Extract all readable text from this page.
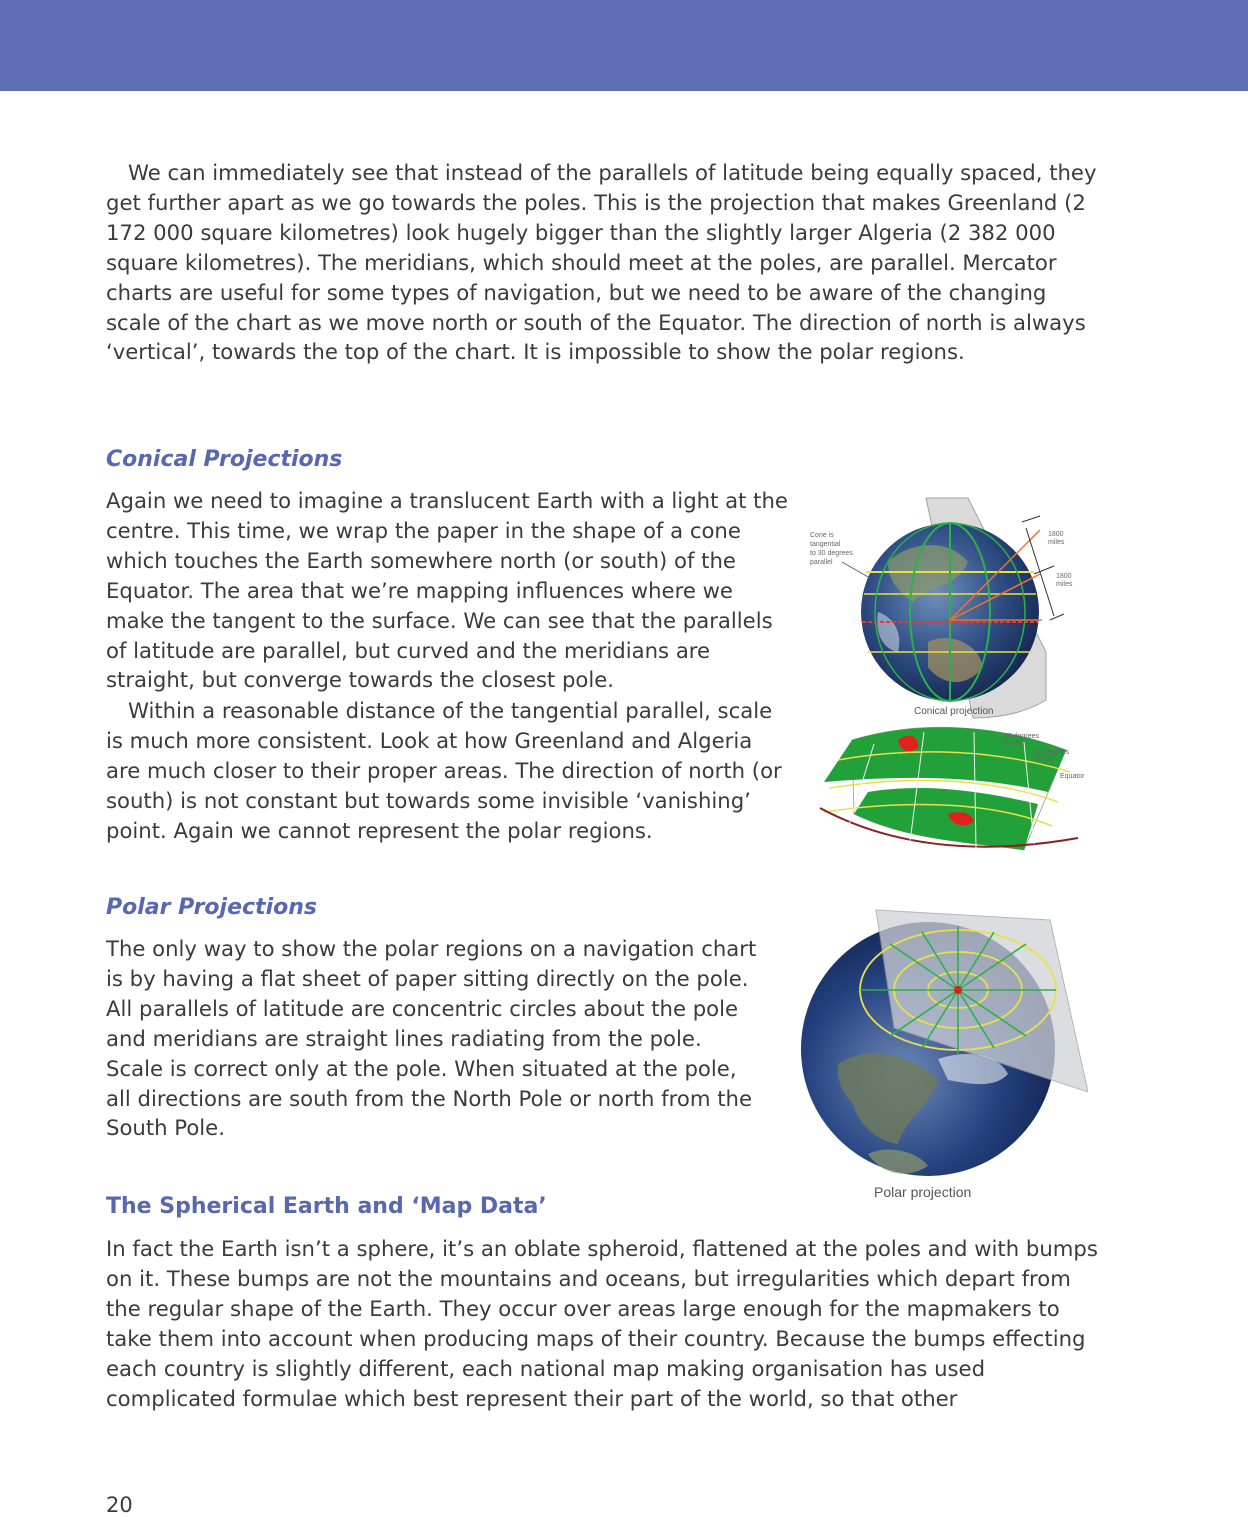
We can immediately see that instead of the parallels of latitude being equally spaced, they get further apart as we go towards the poles. This is the projection that makes Greenland (2 172 000 square kilometres) look hugely bigger than the slightly larger Algeria (2 382 000 square kilometres). The meridians, which should meet at the poles, are parallel. Mercator charts are useful for some types of navigation, but we need to be aware of the changing scale of the chart as we move north or south of the Equator. The direction of north is always ‘vertical’, towards the top of the chart. It is impossible to show the polar regions.

Conical Projections

Again we need to imagine a translucent Earth with a light at the centre. This time, we wrap the paper in the shape of a cone which touches the Earth somewhere north (or south) of the Equator. The area that we’re mapping influences where we make the tangent to the surface. We can see that the parallels of latitude are parallel, but curved and the meridians are straight, but converge towards the closest pole.

Within a reasonable distance of the tangential parallel, scale is much more consistent. Look at how Greenland and Algeria are much closer to their proper areas. The direction of north (or south) is not constant but towards some invisible ‘vanishing’ point. Again we cannot represent the polar regions.

Cone is
tangential
to 30 degrees
parallel
1800
miles
1800
miles
Conical projection
60 degrees
North
30 degrees
North
Equator
Polar Projections

The only way to show the polar regions on a navigation chart is by having a flat sheet of paper sitting directly on the pole. All parallels of latitude are concentric circles about the pole and meridians are straight lines radiating from the pole. Scale is correct only at the pole. When situated at the pole, all directions are south from the North Pole or north from the South Pole.

Polar projection
The Spherical Earth and ‘Map Data’

In fact the Earth isn’t a sphere, it’s an oblate spheroid, flattened at the poles and with bumps on it. These bumps are not the mountains and oceans, but irregularities which depart from the regular shape of the Earth. They occur over areas large enough for the mapmakers to take them into account when producing maps of their country. Because the bumps effecting each country is slightly different, each national map making organisation has used complicated formulae which best represent their part of the world, so that other

20
